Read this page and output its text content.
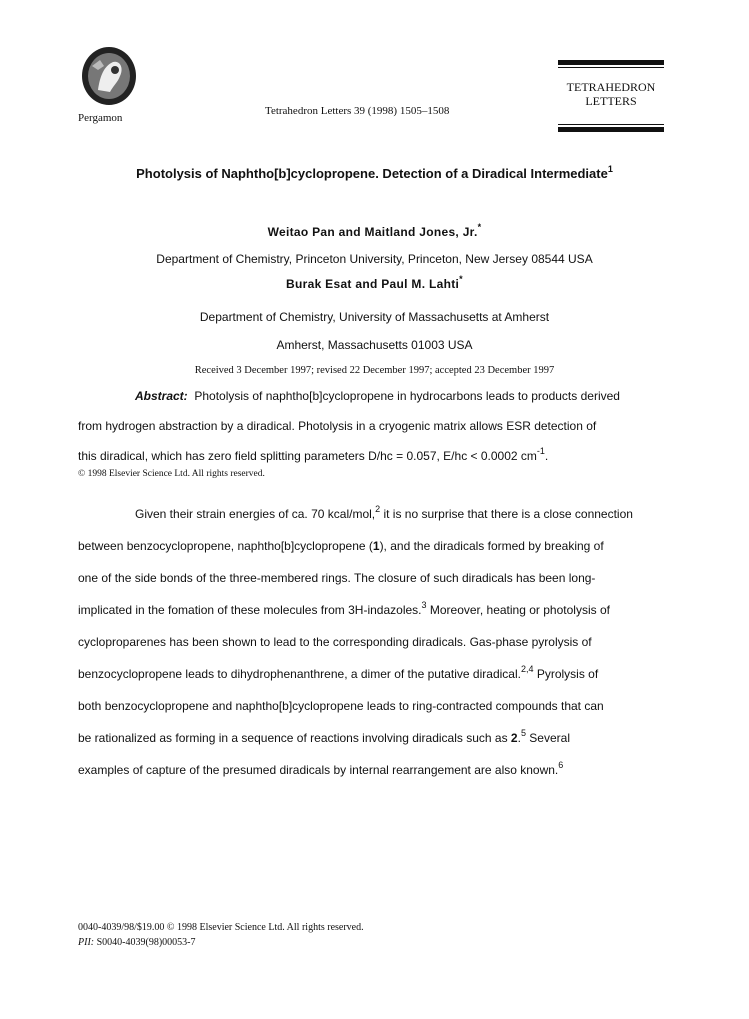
Pergamon
Tetrahedron Letters 39 (1998) 1505–1508
TETRAHEDRON
LETTERS
Photolysis of Naphtho[b]cyclopropene. Detection of a Diradical Intermediate$^1$
Weitao Pan and Maitland Jones, Jr.*
Department of Chemistry, Princeton University, Princeton, New Jersey 08544 USA
Burak Esat and Paul M. Lahti*
Department of Chemistry, University of Massachusetts at Amherst
Amherst, Massachusetts 01003 USA
Received 3 December 1997; revised 22 December 1997; accepted 23 December 1997
Abstract: Photolysis of naphtho[b]cyclopropene in hydrocarbons leads to products derived
from hydrogen abstraction by a diradical. Photolysis in a cryogenic matrix allows ESR detection of
this diradical, which has zero field splitting parameters D/hc = 0.057, E/hc < 0.0002 $cm^{-1}$.
© 1998 Elsevier Science Ltd. All rights reserved.
Given their strain energies of ca. 70 kcal/mol,$^2$ it is no surprise that there is a close connection
between benzocyclopropene, naphtho[b]cyclopropene (1), and the diradicals formed by breaking of
one of the side bonds of the three-membered rings. The closure of such diradicals has been long-
implicated in the fomation of these molecules from 3H-indazoles.$^3$ Moreover, heating or photolysis of
cycloproparenes has been shown to lead to the corresponding diradicals. Gas-phase pyrolysis of
benzocyclopropene leads to dihydrophenanthrene, a dimer of the putative diradical.$^{2,4}$ Pyrolysis of
both benzocyclopropene and naphtho[b]cyclopropene leads to ring-contracted compounds that can
be rationalized as forming in a sequence of reactions involving diradicals such as 2.$^5$ Several
examples of capture of the presumed diradicals by internal rearrangement are also known.$^6$
0040-4039/98/$19.00 © 1998 Elsevier Science Ltd. All rights reserved.
PII: S0040-4039(98)00053-7
